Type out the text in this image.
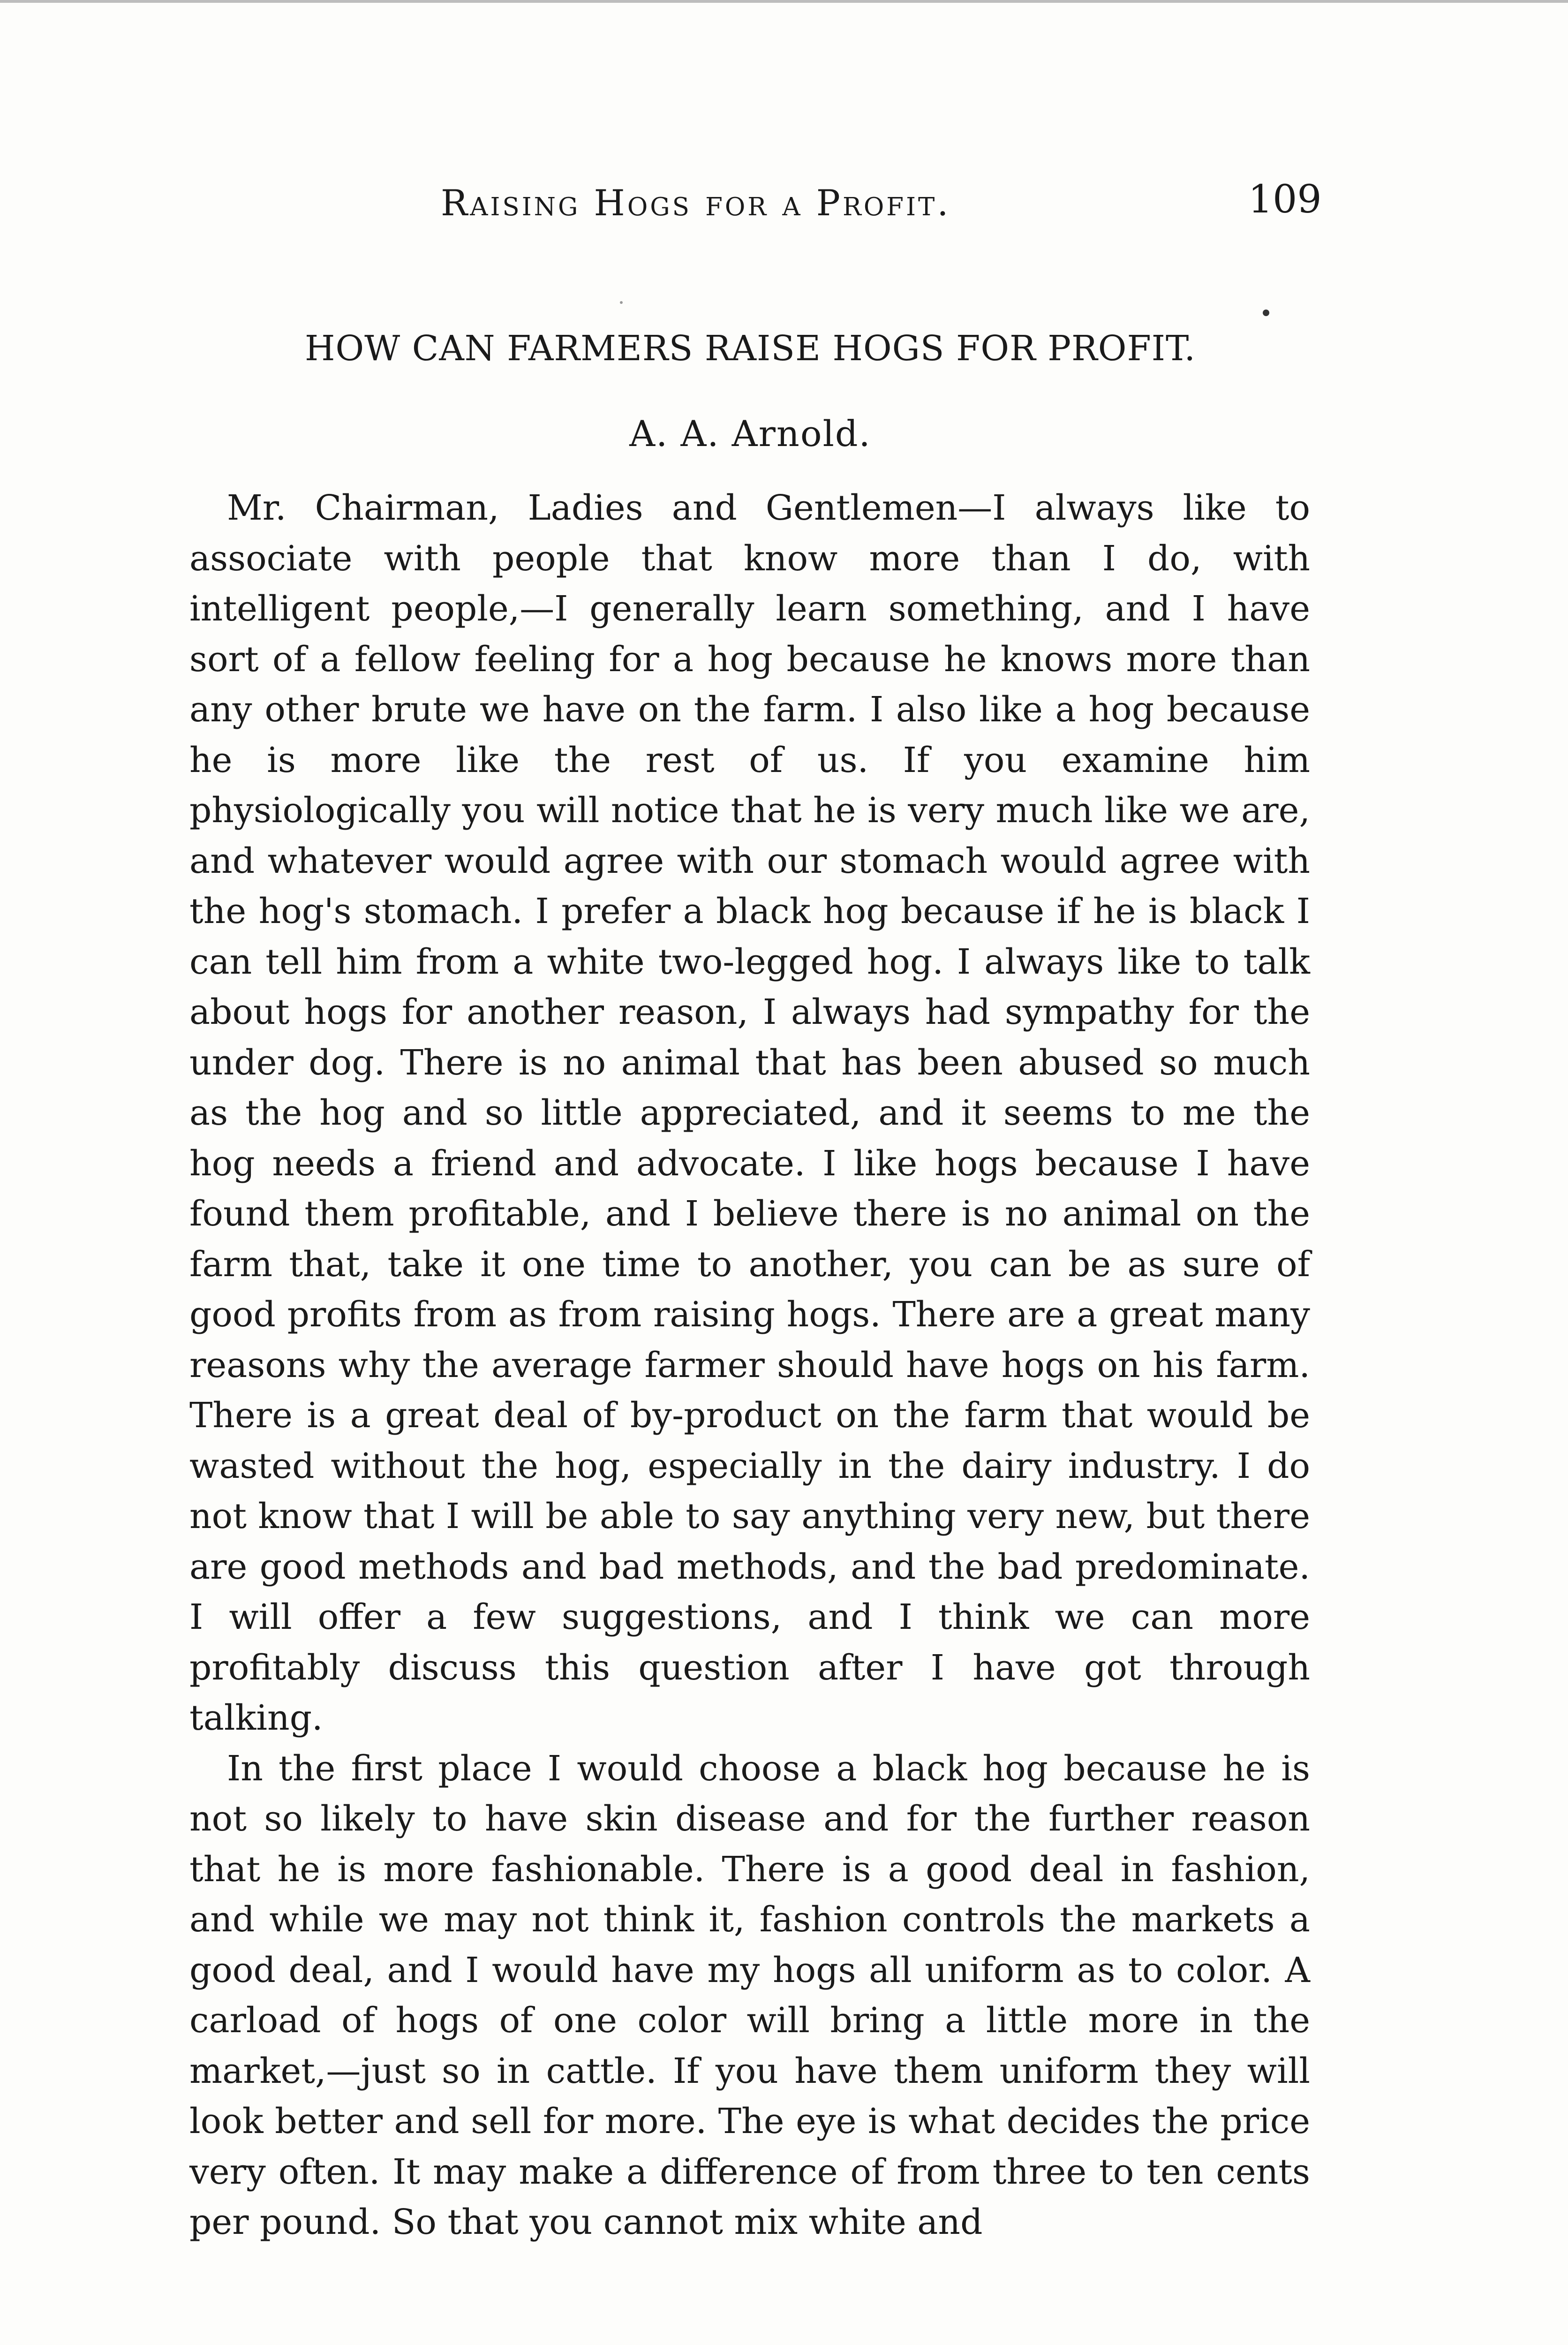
Raising Hogs for a Profit.	109
HOW CAN FARMERS RAISE HOGS FOR PROFIT.
A. A. Arnold.

Mr. Chairman, Ladies and Gentlemen—I always like to associate with people that know more than I do, with intelligent people,—I generally learn something, and I have sort of a fellow feeling for a hog because he knows more than any other brute we have on the farm. I also like a hog because he is more like the rest of us. If you examine him physiologically you will notice that he is very much like we are, and whatever would agree with our stomach would agree with the hog's stomach. I prefer a black hog because if he is black I can tell him from a white two-legged hog. I always like to talk about hogs for another reason, I always had sympathy for the under dog. There is no animal that has been abused so much as the hog and so little appreciated, and it seems to me the hog needs a friend and advocate. I like hogs because I have found them profitable, and I believe there is no animal on the farm that, take it one time to another, you can be as sure of good profits from as from raising hogs. There are a great many reasons why the average farmer should have hogs on his farm. There is a great deal of by-product on the farm that would be wasted without the hog, especially in the dairy industry. I do not know that I will be able to say anything very new, but there are good methods and bad methods, and the bad predominate. I will offer a few suggestions, and I think we can more profitably discuss this question after I have got through talking.

In the first place I would choose a black hog because he is not so likely to have skin disease and for the further reason that he is more fashionable. There is a good deal in fashion, and while we may not think it, fashion controls the markets a good deal, and I would have my hogs all uniform as to color. A carload of hogs of one color will bring a little more in the market,—just so in cattle. If you have them uniform they will look better and sell for more. The eye is what decides the price very often. It may make a difference of from three to ten cents per pound. So that you cannot mix white and
